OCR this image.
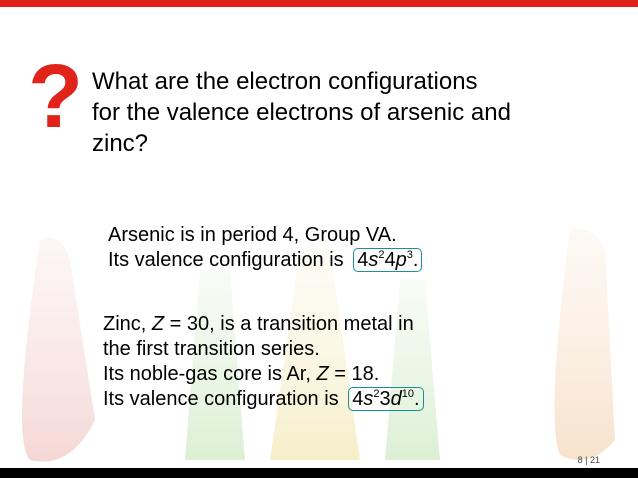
? What are the electron configurations
for the valence electrons of arsenic and
zinc?
Arsenic is in period 4, Group VA.
Its valence configuration is $4s^24p^3$.
Zinc, Z = 30, is a transition metal in
the first transition series.
Its noble-gas core is Ar, Z = 18.
Its valence configuration is $4s^23d^{10}$.
8 | 21
